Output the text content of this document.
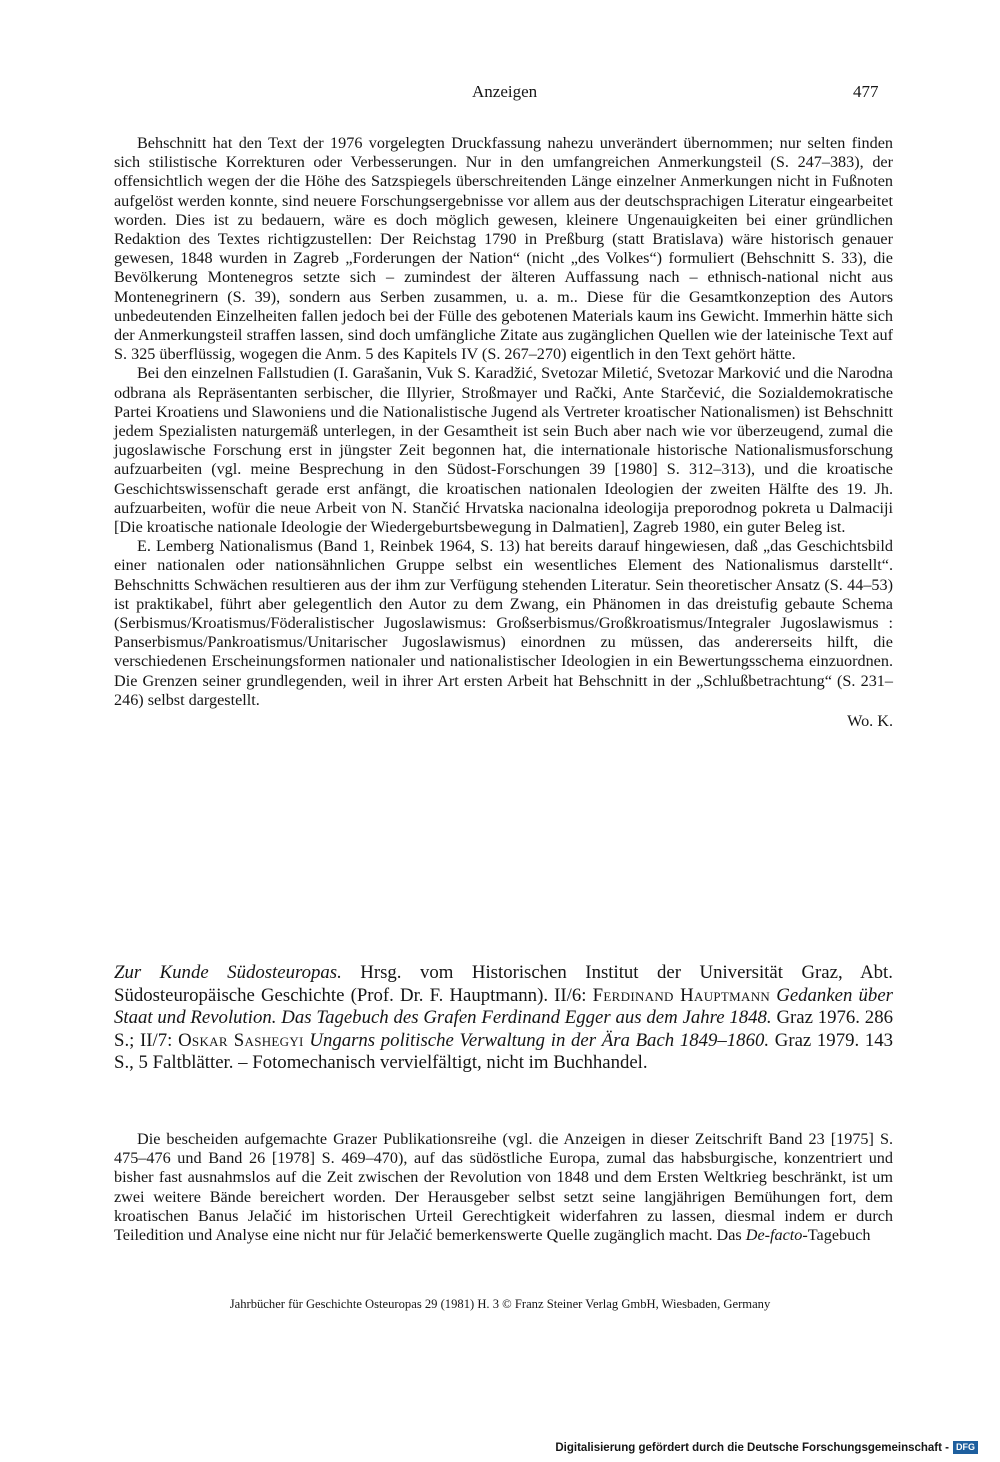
Anzeigen	477

Behschnitt hat den Text der 1976 vorgelegten Druckfassung nahezu unverändert übernommen; nur selten finden sich stilistische Korrekturen oder Verbesserungen. Nur in den umfangreichen Anmerkungsteil (S. 247–383), der offensichtlich wegen der die Höhe des Satzspiegels überschreitenden Länge einzelner Anmerkungen nicht in Fußnoten aufgelöst werden konnte, sind neuere Forschungsergebnisse vor allem aus der deutschsprachigen Literatur eingearbeitet worden. Dies ist zu bedauern, wäre es doch möglich gewesen, kleinere Ungenauigkeiten bei einer gründlichen Redaktion des Textes richtigzustellen: Der Reichstag 1790 in Preßburg (statt Bratislava) wäre historisch genauer gewesen, 1848 wurden in Zagreb „Forderungen der Nation“ (nicht „des Volkes“) formuliert (Behschnitt S. 33), die Bevölkerung Montenegros setzte sich – zumindest der älteren Auffassung nach – ethnisch-national nicht aus Montenegrinern (S. 39), sondern aus Serben zusammen, u. a. m.. Diese für die Gesamtkonzeption des Autors unbedeutenden Einzelheiten fallen jedoch bei der Fülle des gebotenen Materials kaum ins Gewicht. Immerhin hätte sich der Anmerkungsteil straffen lassen, sind doch umfängliche Zitate aus zugänglichen Quellen wie der lateinische Text auf S. 325 überflüssig, wogegen die Anm. 5 des Kapitels IV (S. 267–270) eigentlich in den Text gehört hätte.

Bei den einzelnen Fallstudien (I. Garašanin, Vuk S. Karadžić, Svetozar Miletić, Svetozar Marković und die Narodna odbrana als Repräsentanten serbischer, die Illyrier, Stroßmayer und Rački, Ante Starčević, die Sozialdemokratische Partei Kroatiens und Slawoniens und die Nationalistische Jugend als Vertreter kroatischer Nationalismen) ist Behschnitt jedem Spezialisten naturgemäß unterlegen, in der Gesamtheit ist sein Buch aber nach wie vor überzeugend, zumal die jugoslawische Forschung erst in jüngster Zeit begonnen hat, die internationale historische Nationalismusforschung aufzuarbeiten (vgl. meine Besprechung in den Südost-Forschungen 39 [1980] S. 312–313), und die kroatische Geschichtswissenschaft gerade erst anfängt, die kroatischen nationalen Ideologien der zweiten Hälfte des 19. Jh. aufzuarbeiten, wofür die neue Arbeit von N. Stančić Hrvatska nacionalna ideologija preporodnog pokreta u Dalmaciji [Die kroatische nationale Ideologie der Wiedergeburtsbewegung in Dalmatien], Zagreb 1980, ein guter Beleg ist.

E. Lemberg Nationalismus (Band 1, Reinbek 1964, S. 13) hat bereits darauf hingewiesen, daß „das Geschichtsbild einer nationalen oder nationsähnlichen Gruppe selbst ein wesentliches Element des Nationalismus darstellt“. Behschnitts Schwächen resultieren aus der ihm zur Verfügung stehenden Literatur. Sein theoretischer Ansatz (S. 44–53) ist praktikabel, führt aber gelegentlich den Autor zu dem Zwang, ein Phänomen in das dreistufig gebaute Schema (Serbismus/Kroatismus/Föderalistischer Jugoslawismus: Großserbismus/Großkroatismus/Integraler Jugoslawismus : Panserbismus/Pankroatismus/Unitarischer Jugoslawismus) einordnen zu müssen, das andererseits hilft, die verschiedenen Erscheinungsformen nationaler und nationalistischer Ideologien in ein Bewertungsschema einzuordnen. Die Grenzen seiner grundlegenden, weil in ihrer Art ersten Arbeit hat Behschnitt in der „Schlußbetrachtung“ (S. 231–246) selbst dargestellt.

Wo. K.
Zur Kunde Südosteuropas. Hrsg. vom Historischen Institut der Universität Graz, Abt. Südosteuropäische Geschichte (Prof. Dr. F. Hauptmann). II/6: Ferdinand Hauptmann Gedanken über Staat und Revolution. Das Tagebuch des Grafen Ferdinand Egger aus dem Jahre 1848. Graz 1976. 286 S.; II/7: Oskar Sashegyi Ungarns politische Verwaltung in der Ära Bach 1849–1860. Graz 1979. 143 S., 5 Faltblätter. – Fotomechanisch vervielfältigt, nicht im Buchhandel.

Die bescheiden aufgemachte Grazer Publikationsreihe (vgl. die Anzeigen in dieser Zeitschrift Band 23 [1975] S. 475–476 und Band 26 [1978] S. 469–470), auf das südöstliche Europa, zumal das habsburgische, konzentriert und bisher fast ausnahmslos auf die Zeit zwischen der Revolution von 1848 und dem Ersten Weltkrieg beschränkt, ist um zwei weitere Bände bereichert worden. Der Herausgeber selbst setzt seine langjährigen Bemühungen fort, dem kroatischen Banus Jelačić im historischen Urteil Gerechtigkeit widerfahren zu lassen, diesmal indem er durch Teiledition und Analyse eine nicht nur für Jelačić bemerkenswerte Quelle zugänglich macht. Das De-facto-Tagebuch

Jahrbücher für Geschichte Osteuropas 29 (1981) H. 3 © Franz Steiner Verlag GmbH, Wiesbaden, Germany
Digitalisierung gefördert durch die Deutsche Forschungsgemeinschaft - DFG
